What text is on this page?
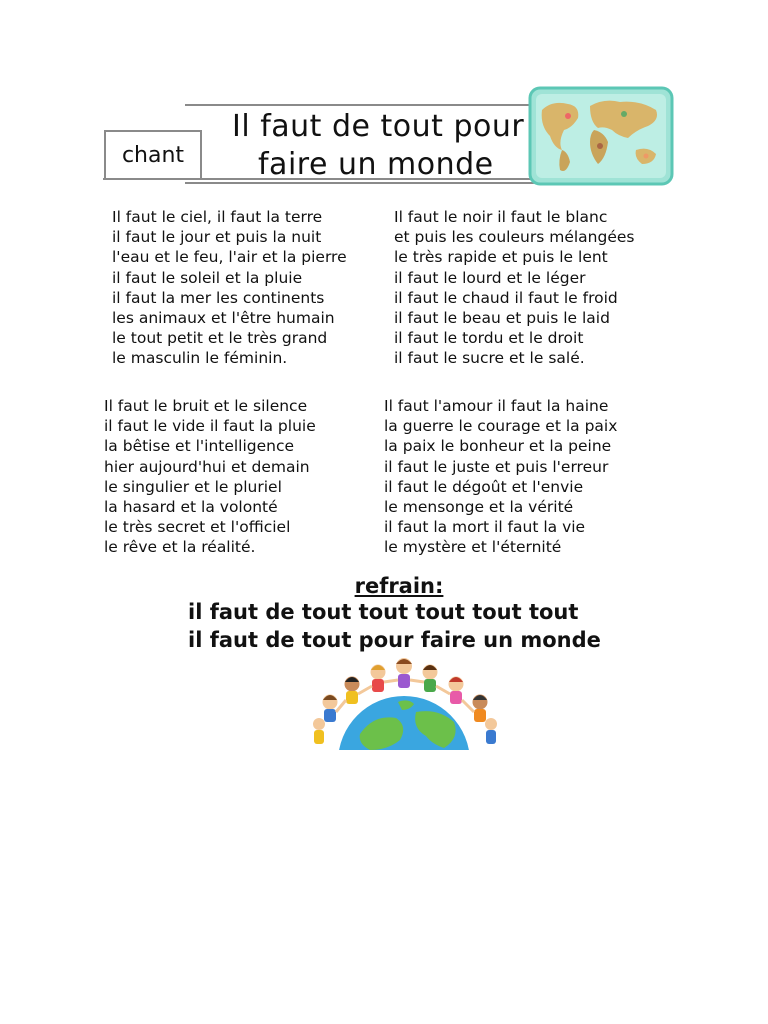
chant
Il faut de tout pour
faire un monde
Il faut le ciel, il faut la terre
il faut le jour et puis la nuit
l'eau et le feu, l'air et la pierre
il faut le soleil et la pluie
il faut la mer les continents
les animaux et l'être humain
le tout petit et le très grand
le masculin le féminin.
Il faut le noir il faut le blanc
et puis les couleurs mélangées
le très rapide et puis le lent
il faut le lourd et le léger
il faut le chaud il faut le froid
il faut le beau et puis le laid
il faut le tordu et le droit
il faut le sucre et le salé.
Il faut le bruit et le silence
il faut le vide il faut la pluie
la bêtise et l'intelligence
hier aujourd'hui et demain
le singulier et le pluriel
la hasard et la volonté
le très secret et l'officiel
le rêve et la réalité.
Il faut l'amour il faut la haine
la guerre le courage et la paix
la paix le bonheur et la peine
il faut le juste et puis l'erreur
il faut le dégoût et l'envie
le mensonge et la vérité
il faut la mort il faut la vie
le mystère et l'éternité
refrain:
il faut de tout tout tout tout tout
il faut de tout pour faire un monde
